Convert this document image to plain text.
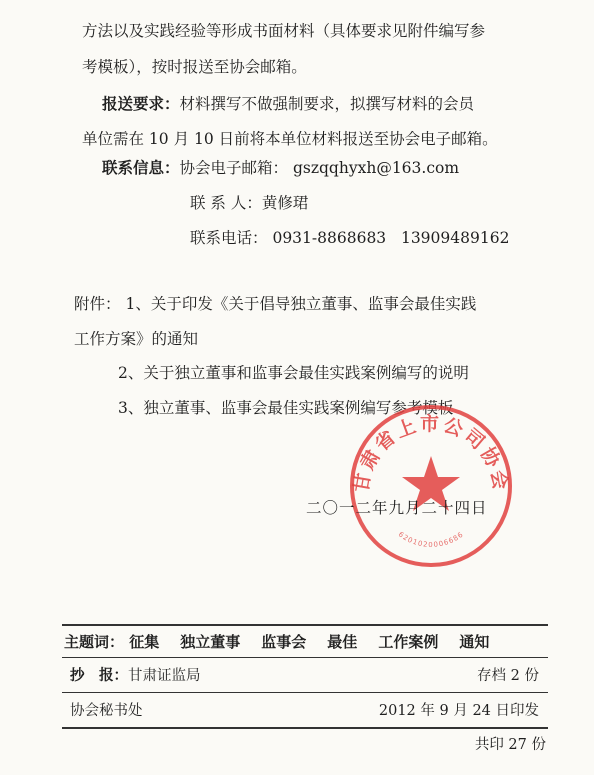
方法以及实践经验等形成书面材料（具体要求见附件编写参
考模板），按时报送至协会邮箱。
报送要求：材料撰写不做强制要求，拟撰写材料的会员
单位需在 10 月 10 日前将本单位材料报送至协会电子邮箱。
联系信息：协会电子邮箱： gszqqhyxh@163.com
联 系 人：黄修珺
联系电话： 0931-8868683 13909489162
附件： 1、关于印发《关于倡导独立董事、监事会最佳实践
工作方案》的通知
2、关于独立董事和监事会最佳实践案例编写的说明
3、独立董事、监事会最佳实践案例编写参考模板
甘肃省上市公司协会
6201020006686
二〇一二年九月二十四日
主题词： 征集 独立董事 监事会 最佳 工作案例 通知
抄　报：甘肃证监局	存档 2 份
协会秘书处	2012 年 9 月 24 日印发
共印 27 份
